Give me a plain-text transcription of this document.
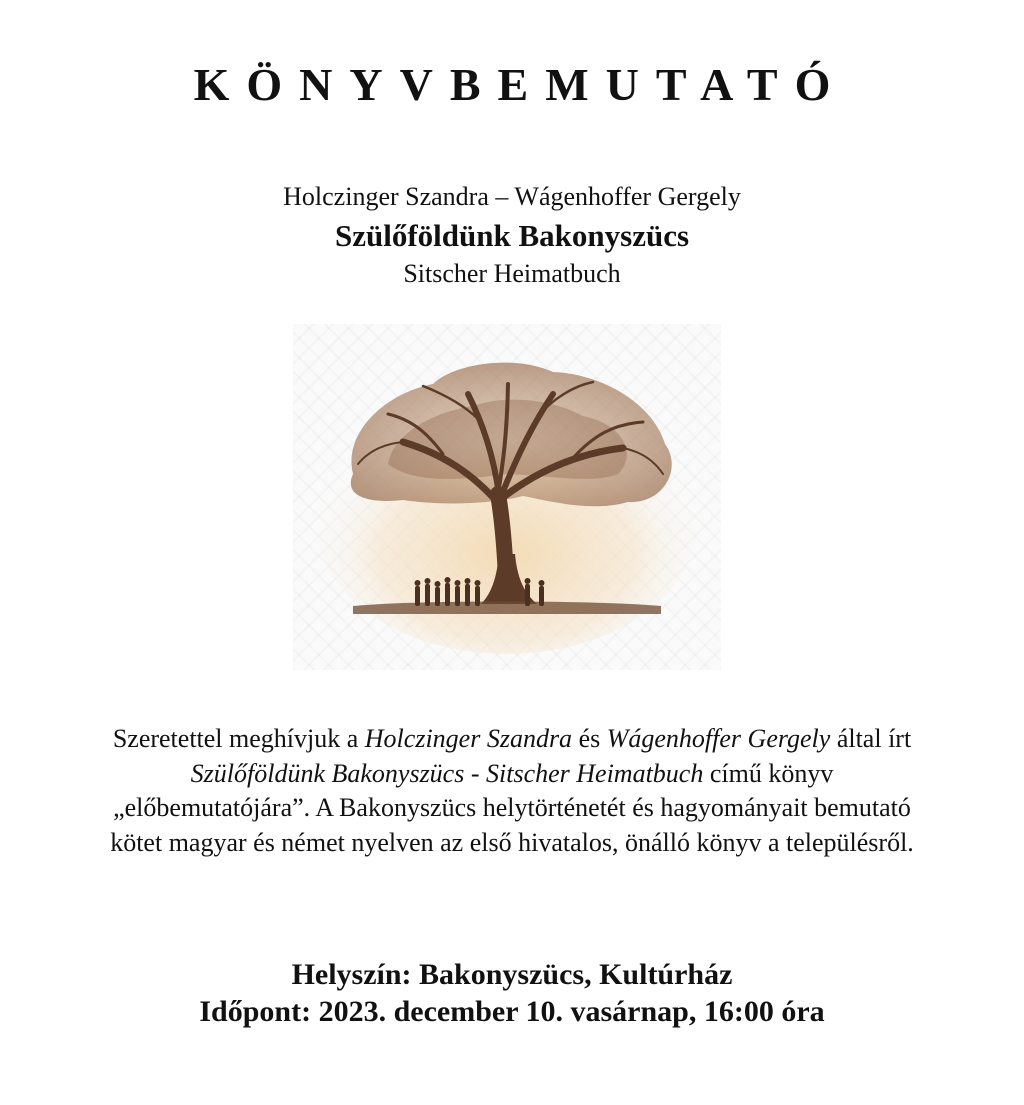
KÖNYVBEMUTATÓ
Holczinger Szandra – Wágenhoffer Gergely
Szülőföldünk Bakonyszücs
Sitscher Heimatbuch
Szeretettel meghívjuk a Holczinger Szandra és Wágenhoffer Gergely által írt Szülőföldünk Bakonyszücs - Sitscher Heimatbuch című könyv „előbemutatójára”. A Bakonyszücs helytörténetét és hagyományait bemutató kötet magyar és német nyelven az első hivatalos, önálló könyv a településről.
Helyszín: Bakonyszücs, Kultúrház
Időpont: 2023. december 10. vasárnap, 16:00 óra
